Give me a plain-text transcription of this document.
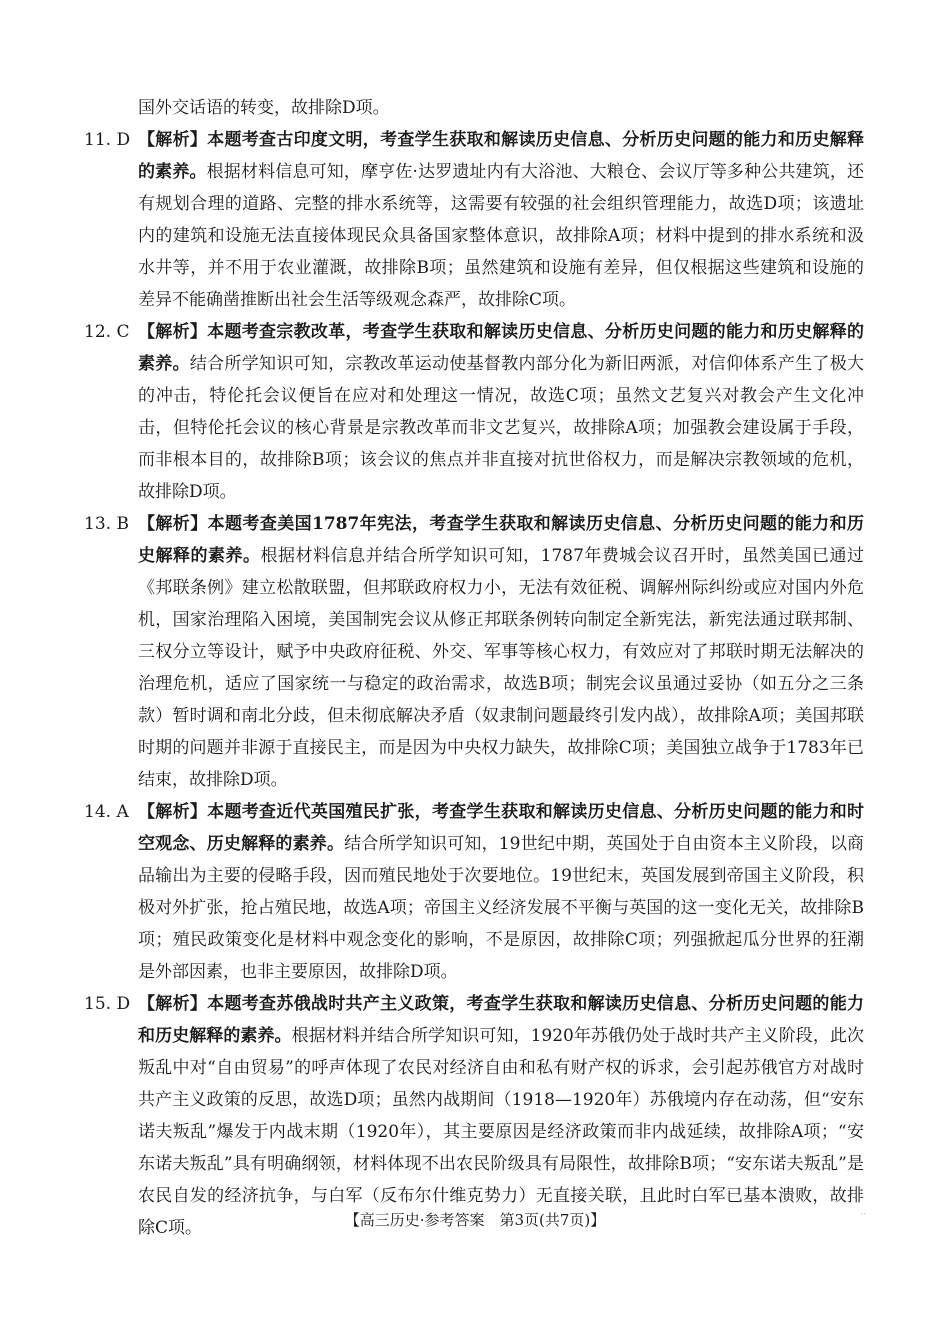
国外交话语的转变，故排除D项。

11. D 【解析】本题考查古印度文明，考查学生获取和解读历史信息、分析历史问题的能力和历史解释的素养。根据材料信息可知，摩亨佐·达罗遗址内有大浴池、大粮仓、会议厅等多种公共建筑，还有规划合理的道路、完整的排水系统等，这需要有较强的社会组织管理能力，故选D项；该遗址内的建筑和设施无法直接体现民众具备国家整体意识，故排除A项；材料中提到的排水系统和汲水井等，并不用于农业灌溉，故排除B项；虽然建筑和设施有差异，但仅根据这些建筑和设施的差异不能确凿推断出社会生活等级观念森严，故排除C项。
12. C 【解析】本题考查宗教改革，考查学生获取和解读历史信息、分析历史问题的能力和历史解释的素养。结合所学知识可知，宗教改革运动使基督教内部分化为新旧两派，对信仰体系产生了极大的冲击，特伦托会议便旨在应对和处理这一情况，故选C项；虽然文艺复兴对教会产生文化冲击，但特伦托会议的核心背景是宗教改革而非文艺复兴，故排除A项；加强教会建设属于手段，而非根本目的，故排除B项；该会议的焦点并非直接对抗世俗权力，而是解决宗教领域的危机，故排除D项。
13. B 【解析】本题考查美国1787年宪法，考查学生获取和解读历史信息、分析历史问题的能力和历史解释的素养。根据材料信息并结合所学知识可知，1787年费城会议召开时，虽然美国已通过《邦联条例》建立松散联盟，但邦联政府权力小，无法有效征税、调解州际纠纷或应对国内外危机，国家治理陷入困境，美国制宪会议从修正邦联条例转向制定全新宪法，新宪法通过联邦制、三权分立等设计，赋予中央政府征税、外交、军事等核心权力，有效应对了邦联时期无法解决的治理危机，适应了国家统一与稳定的政治需求，故选B项；制宪会议虽通过妥协（如五分之三条款）暂时调和南北分歧，但未彻底解决矛盾（奴隶制问题最终引发内战），故排除A项；美国邦联时期的问题并非源于直接民主，而是因为中央权力缺失，故排除C项；美国独立战争于1783年已结束，故排除D项。
14. A 【解析】本题考查近代英国殖民扩张，考查学生获取和解读历史信息、分析历史问题的能力和时空观念、历史解释的素养。结合所学知识可知，19世纪中期，英国处于自由资本主义阶段，以商品输出为主要的侵略手段，因而殖民地处于次要地位。19世纪末，英国发展到帝国主义阶段，积极对外扩张，抢占殖民地，故选A项；帝国主义经济发展不平衡与英国的这一变化无关，故排除B项；殖民政策变化是材料中观念变化的影响，不是原因，故排除C项；列强掀起瓜分世界的狂潮是外部因素，也非主要原因，故排除D项。
15. D 【解析】本题考查苏俄战时共产主义政策，考查学生获取和解读历史信息、分析历史问题的能力和历史解释的素养。根据材料并结合所学知识可知，1920年苏俄仍处于战时共产主义阶段，此次叛乱中对“自由贸易”的呼声体现了农民对经济自由和私有财产权的诉求，会引起苏俄官方对战时共产主义政策的反思，故选D项；虽然内战期间（1918—1920年）苏俄境内存在动荡，但“安东诺夫叛乱”爆发于内战末期（1920年），其主要原因是经济政策而非内战延续，故排除A项；“安东诺夫叛乱”具有明确纲领，材料体现不出农民阶级具有局限性，故排除B项；“安东诺夫叛乱”是农民自发的经济抗争，与白军（反布尔什维克势力）无直接关联，且此时白军已基本溃败，故排除C项。	【高三历史·参考答案　第3页(共7页)】	··
